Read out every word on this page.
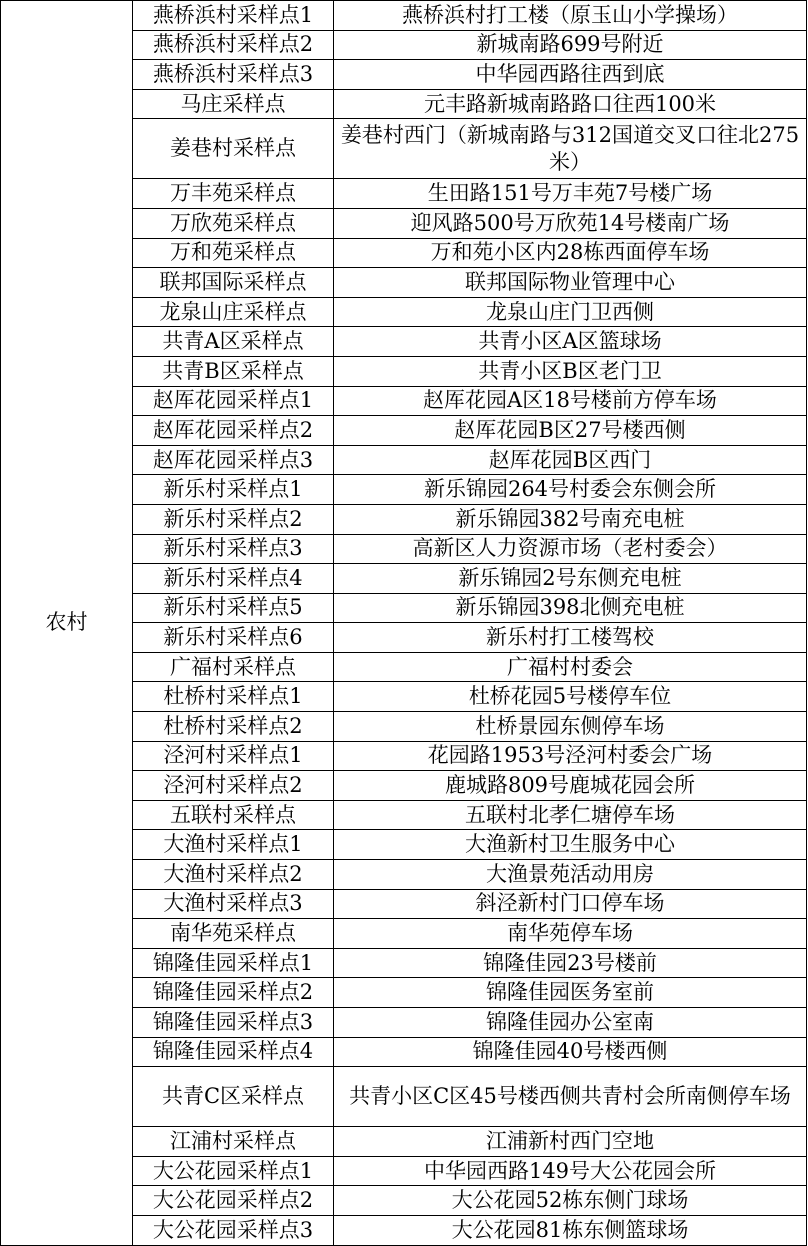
农村	燕桥浜村采样点1	燕桥浜村打工楼（原玉山小学操场）
	燕桥浜村采样点2	新城南路699号附近
	燕桥浜村采样点3	中华园西路往西到底
	马庄采样点	元丰路新城南路路口往西100米
	姜巷村采样点	姜巷村西门（新城南路与312国道交叉口往北275米）
	万丰苑采样点	生田路151号万丰苑7号楼广场
	万欣苑采样点	迎风路500号万欣苑14号楼南广场
	万和苑采样点	万和苑小区内28栋西面停车场
	联邦国际采样点	联邦国际物业管理中心
	龙泉山庄采样点	龙泉山庄门卫西侧
	共青A区采样点	共青小区A区篮球场
	共青B区采样点	共青小区B区老门卫
	赵厍花园采样点1	赵厍花园A区18号楼前方停车场
	赵厍花园采样点2	赵厍花园B区27号楼西侧
	赵厍花园采样点3	赵厍花园B区西门
	新乐村采样点1	新乐锦园264号村委会东侧会所
	新乐村采样点2	新乐锦园382号南充电桩
	新乐村采样点3	高新区人力资源市场（老村委会）
	新乐村采样点4	新乐锦园2号东侧充电桩
	新乐村采样点5	新乐锦园398北侧充电桩
	新乐村采样点6	新乐村打工楼驾校
	广福村采样点	广福村村委会
	杜桥村采样点1	杜桥花园5号楼停车位
	杜桥村采样点2	杜桥景园东侧停车场
	泾河村采样点1	花园路1953号泾河村委会广场
	泾河村采样点2	鹿城路809号鹿城花园会所
	五联村采样点	五联村北孝仁塘停车场
	大渔村采样点1	大渔新村卫生服务中心
	大渔村采样点2	大渔景苑活动用房
	大渔村采样点3	斜泾新村门口停车场
	南华苑采样点	南华苑停车场
	锦隆佳园采样点1	锦隆佳园23号楼前
	锦隆佳园采样点2	锦隆佳园医务室前
	锦隆佳园采样点3	锦隆佳园办公室南
	锦隆佳园采样点4	锦隆佳园40号楼西侧
	共青C区采样点	共青小区C区45号楼西侧共青村会所南侧停车场
	江浦村采样点	江浦新村西门空地
	大公花园采样点1	中华园西路149号大公花园会所
	大公花园采样点2	大公花园52栋东侧门球场
	大公花园采样点3	大公花园81栋东侧篮球场
